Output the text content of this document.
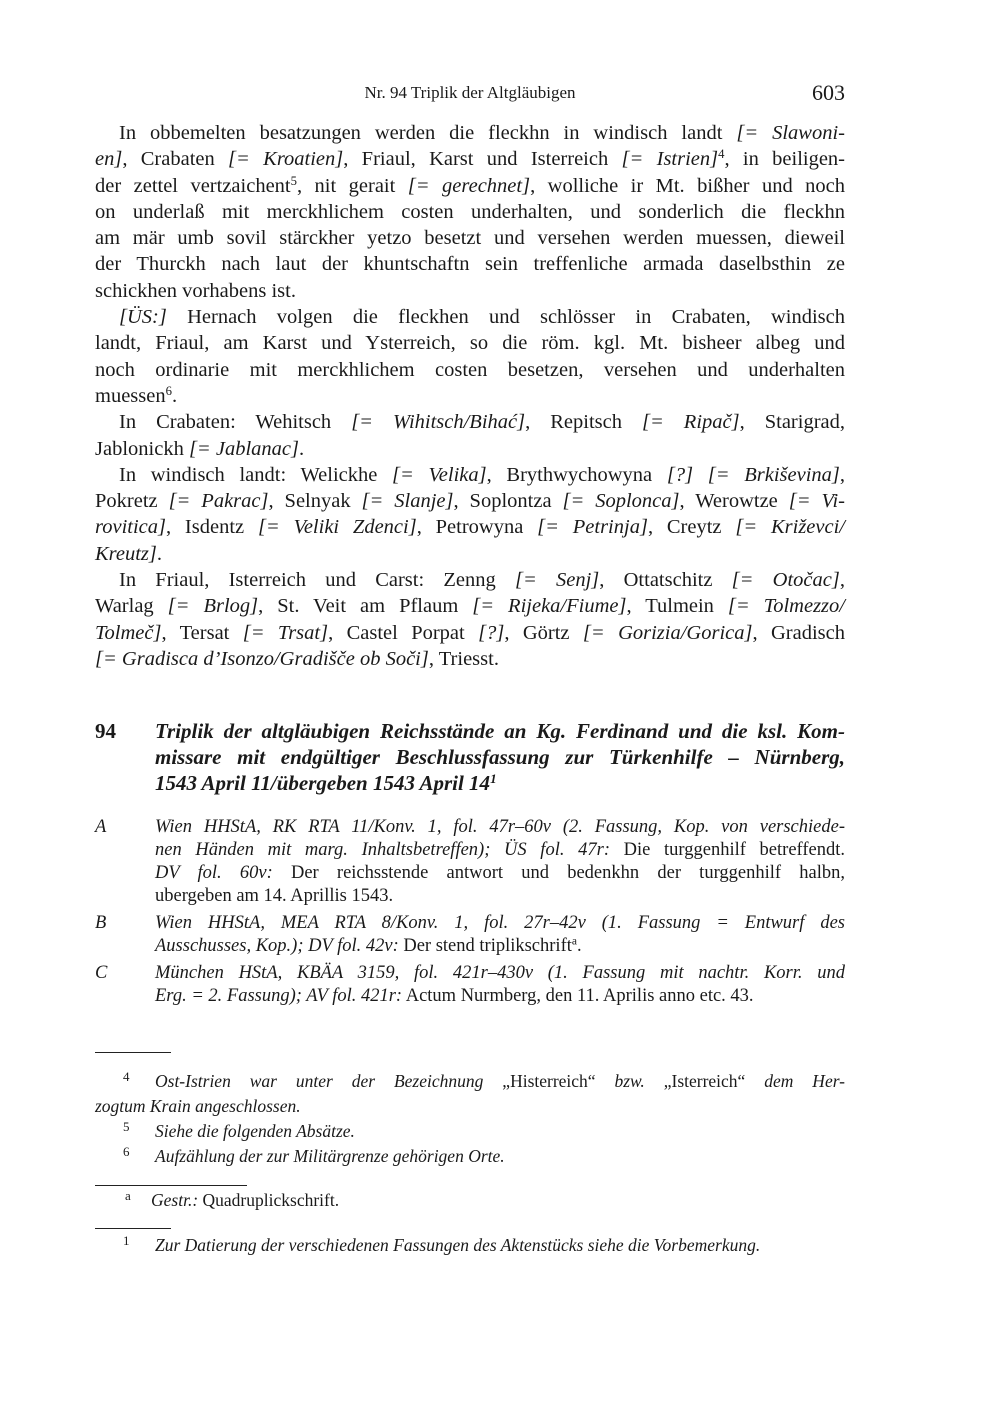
Nr. 94 Triplik der Altgläubigen	603
In obbemelten besatzungen werden die fleckhn in windisch landt [= Slawoni-
en], Crabaten [= Kroatien], Friaul, Karst und Isterreich [= Istrien]$^4$, in beiligen-
der zettel vertzaichent$^5$, nit gerait [= gerechnet], wolliche ir Mt. bißher und noch
on underlaß mit merckhlichem costen underhalten, und sonderlich die fleckhn
am mär umb sovil stärckher yetzo besetzt und versehen werden muessen, dieweil
der Thurckh nach laut der khuntschaftn sein treffenliche armada daselbsthin ze
schickhen vorhabens ist.
[ÜS:] Hernach volgen die fleckhen und schlösser in Crabaten, windisch
landt, Friaul, am Karst und Ysterreich, so die röm. kgl. Mt. bisheer albeg und
noch ordinarie mit merckhlichem costen besetzen, versehen und underhalten
muessen$^6$.
In Crabaten: Wehitsch [= Wihitsch/Bihać], Repitsch [= Ripač], Starigrad,
Jablonickh [= Jablanac].
In windisch landt: Welickhe [= Velika], Brythwychowyna [?] [= Brkiševina],
Pokretz [= Pakrac], Selnyak [= Slanje], Soplontza [= Soplonca], Werowtze [= Vi-
rovitica], Isdentz [= Veliki Zdenci], Petrowyna [= Petrinja], Creytz [= Križevci/
Kreutz].
In Friaul, Isterreich und Carst: Zenng [= Senj], Ottatschitz [= Otočac],
Warlag [= Brlog], St. Veit am Pflaum [= Rijeka/Fiume], Tulmein [= Tolmezzo/
Tolmeč], Tersat [= Trsat], Castel Porpat [?], Görtz [= Gorizia/Gorica], Gradisch
[= Gradisca d’Isonzo/Gradišče ob Soči], Triesst.
94 Triplik der altgläubigen Reichsstände an Kg. Ferdinand und die ksl. Kom-
missare mit endgültiger Beschlussfassung zur Türkenhilfe – Nürnberg,
1543 April 11/übergeben 1543 April $14^1$
A	Wien HHStA, RK RTA 11/Konv. 1, fol. 47r–60v (2. Fassung, Kop. von verschiede-
nen Händen mit marg. Inhaltsbetreffen); ÜS fol. 47r: Die turggenhilf betreffendt.
DV fol. 60v: Der reichsstende antwort und bedenkhn der turggenhilf halbn,
ubergeben am 14. Aprillis 1543.
B	Wien HHStA, MEA RTA 8/Konv. 1, fol. 27r–42v (1. Fassung = Entwurf des
Ausschusses, Kop.); DV fol. 42v: Der stend triplikschrift$^a$.
C	München HStA, KBÄA 3159, fol. 421r–430v (1. Fassung mit nachtr. Korr. und
Erg. = 2. Fassung); AV fol. 421r: Actum Nurmberg, den 11. Aprilis anno etc. 43.
4 Ost-Istrien war unter der Bezeichnung „Histerreich“ bzw. „Isterreich“ dem Her-
zogtum Krain angeschlossen.
5 Siehe die folgenden Absätze.
6 Aufzählung der zur Militärgrenze gehörigen Orte.
a Gestr.: Quadruplickschrift.
1 Zur Datierung der verschiedenen Fassungen des Aktenstücks siehe die Vorbemerkung.
